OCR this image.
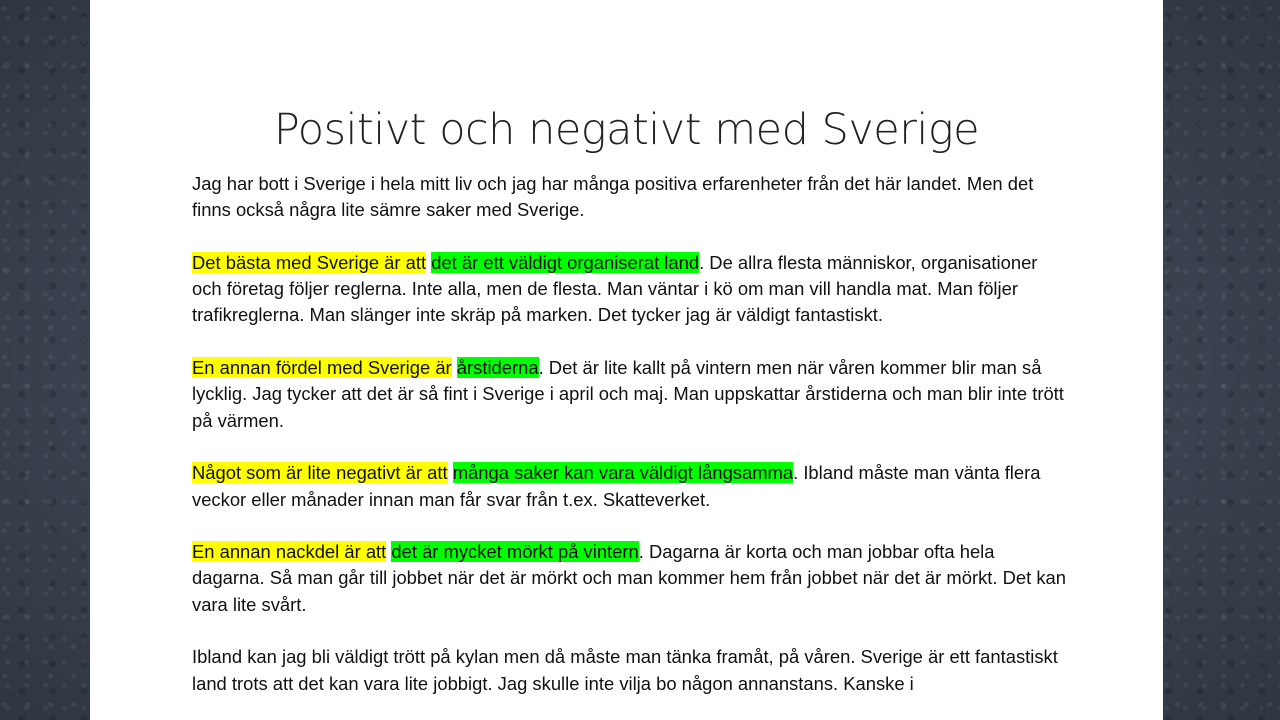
Positivt och negativt med Sverige

Jag har bott i Sverige i hela mitt liv och jag har många positiva erfarenheter från det här landet. Men det finns också några lite sämre saker med Sverige.

Det bästa med Sverige är att det är ett väldigt organiserat land. De allra flesta människor, organisationer och företag följer reglerna. Inte alla, men de flesta. Man väntar i kö om man vill handla mat. Man följer trafikreglerna. Man slänger inte skräp på marken. Det tycker jag är väldigt fantastiskt.

En annan fördel med Sverige är årstiderna. Det är lite kallt på vintern men när våren kommer blir man så lycklig. Jag tycker att det är så fint i Sverige i april och maj. Man uppskattar årstiderna och man blir inte trött på värmen.

Något som är lite negativt är att många saker kan vara väldigt långsamma. Ibland måste man vänta flera veckor eller månader innan man får svar från t.ex. Skatteverket.

En annan nackdel är att det är mycket mörkt på vintern. Dagarna är korta och man jobbar ofta hela dagarna. Så man går till jobbet när det är mörkt och man kommer hem från jobbet när det är mörkt. Det kan vara lite svårt.

Ibland kan jag bli väldigt trött på kylan men då måste man tänka framåt, på våren. Sverige är ett fantastiskt land trots att det kan vara lite jobbigt. Jag skulle inte vilja bo någon annanstans. Kanske i
